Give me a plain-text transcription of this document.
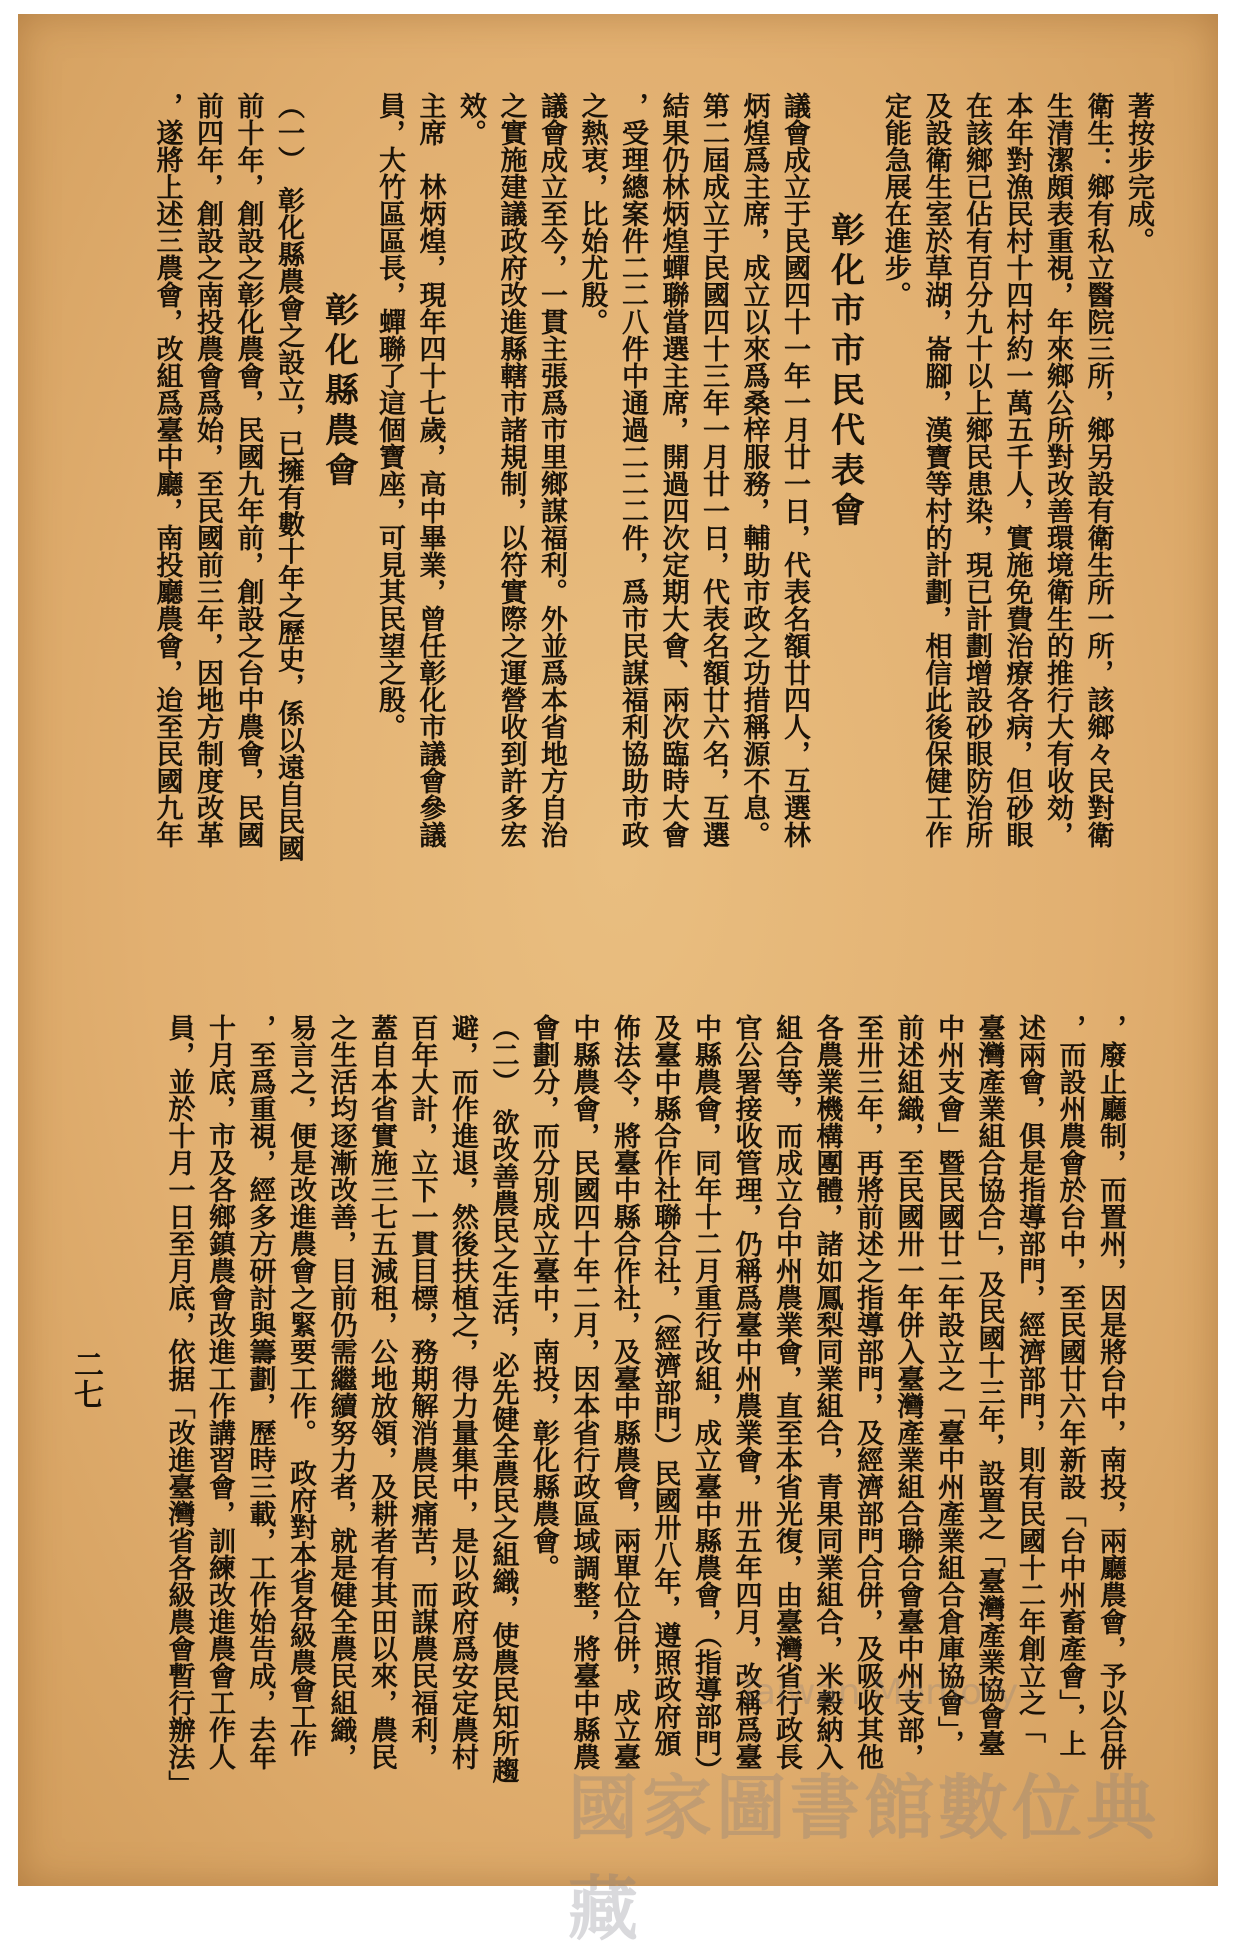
著按步完成。

衛生：鄉有私立醫院三所，鄉另設有衛生所一所，該鄉々民對衛

生清潔頗表重視，年來鄉公所對改善環境衛生的推行大有收効，

本年對漁民村十四村約一萬五千人，實施免費治療各病，但砂眼

在該鄉已佔有百分九十以上鄉民患染，現已計劃增設砂眼防治所

及設衛生室於草湖，崙腳，漢寶等村的計劃，相信此後保健工作

定能急展在進步。

彰化市市民代表會

議會成立于民國四十一年一月廿一日，代表名額廿四人，互選林

炳煌爲主席，成立以來爲桑梓服務，輔助市政之功措稱源不息。

第二屆成立于民國四十三年一月廿一日，代表名額廿六名，互選

結果仍林炳煌蟬聯當選主席，開過四次定期大會、兩次臨時大會

，受理總案件二二八件中通過二二二件，爲市民謀福利協助市政

之熱衷，比始尤殷。

議會成立至今，一貫主張爲市里鄉謀福利。外並爲本省地方自治

之實施建議政府改進縣轄市諸規制，以符實際之運營收到許多宏

效。

主席　林炳煌，現年四十七歲，高中畢業，曾任彰化市議會參議

員，大竹區區長，蟬聯了這個寶座，可見其民望之殷。

彰化縣農會

（一）　彰化縣農會之設立，已擁有數十年之歷史，係以遠自民國

前十年，創設之彰化農會，民國九年前，創設之台中農會，民國

前四年，創設之南投農會爲始，至民國前三年，因地方制度改革

，遂將上述三農會，改組爲臺中廳，南投廳農會，迨至民國九年

，廢止廳制，而置州，因是將台中，南投，兩廳農會，予以合併

，而設州農會於台中，至民國廿六年新設「台中州畜產會」，上

述兩會，俱是指導部門，經濟部門，則有民國十二年創立之「

臺灣產業組合協合」，及民國十三年，設置之「臺灣產業協會臺

中州支會」暨民國廿二年設立之「臺中州產業組合倉庫協會」，

前述組織，至民國卅一年併入臺灣產業組合聯合會臺中州支部，

至卅三年，再將前述之指導部門，及經濟部門合併，及吸收其他

各農業機構團體，諸如鳳梨同業組合，青果同業組合，米穀納入

組合等，而成立台中州農業會，直至本省光復，由臺灣省行政長

官公署接收管理，仍稱爲臺中州農業會，卅五年四月，改稱爲臺

中縣農會，同年十二月重行改組，成立臺中縣農會，（指導部門）

及臺中縣合作社聯合社，（經濟部門）民國卅八年，遵照政府頒

佈法令，將臺中縣合作社，及臺中縣農會，兩單位合併，成立臺

中縣農會，民國四十年二月，因本省行政區域調整，將臺中縣農

會劃分，而分別成立臺中，南投，彰化縣農會。

（二）　欲改善農民之生活，必先健全農民之組織，使農民知所趨

避，而作進退，然後扶植之，得力量集中，是以政府爲安定農村

百年大計，立下一貫目標，務期解消農民痛苦，而謀農民福利，

蓋自本省實施三七五減租，公地放領，及耕者有其田以來，農民

之生活均逐漸改善，目前仍需繼續努力者，就是健全農民組織，

易言之，便是改進農會之緊要工作。　政府對本省各級農會工作

，至爲重視，經多方研討與籌劃，歷時三載，工作始告成，去年

十月底，市及各鄉鎮農會改進工作講習會，訓練改進農會工作人

員，並於十月一日至月底，依据「改進臺灣省各級農會暫行辦法」

二七
Taiwan Memory
國家圖書館數位典藏
